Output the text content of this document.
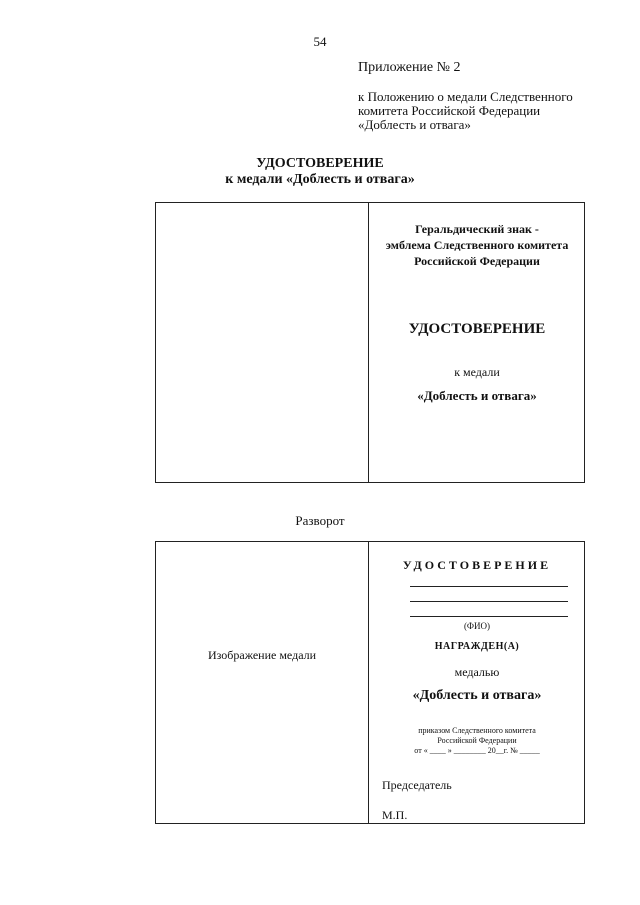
54
Приложение № 2
к Положению о медали Следственного
комитета Российской Федерации
«Доблесть и отвага»
УДОСТОВЕРЕНИЕ
к медали «Доблесть и отвага»
Геральдический знак -
эмблема Следственного комитета
Российской Федерации
УДОСТОВЕРЕНИЕ
к медали
«Доблесть и отвага»
Разворот
Изображение медали
УДОСТОВЕРЕНИЕ
(ФИО)
НАГРАЖДЕН(А)
медалью
«Доблесть и отвага»
приказом Следственного комитета
Российской Федерации
от « ____ » ________ 20__г. № _____
Председатель
М.П.
